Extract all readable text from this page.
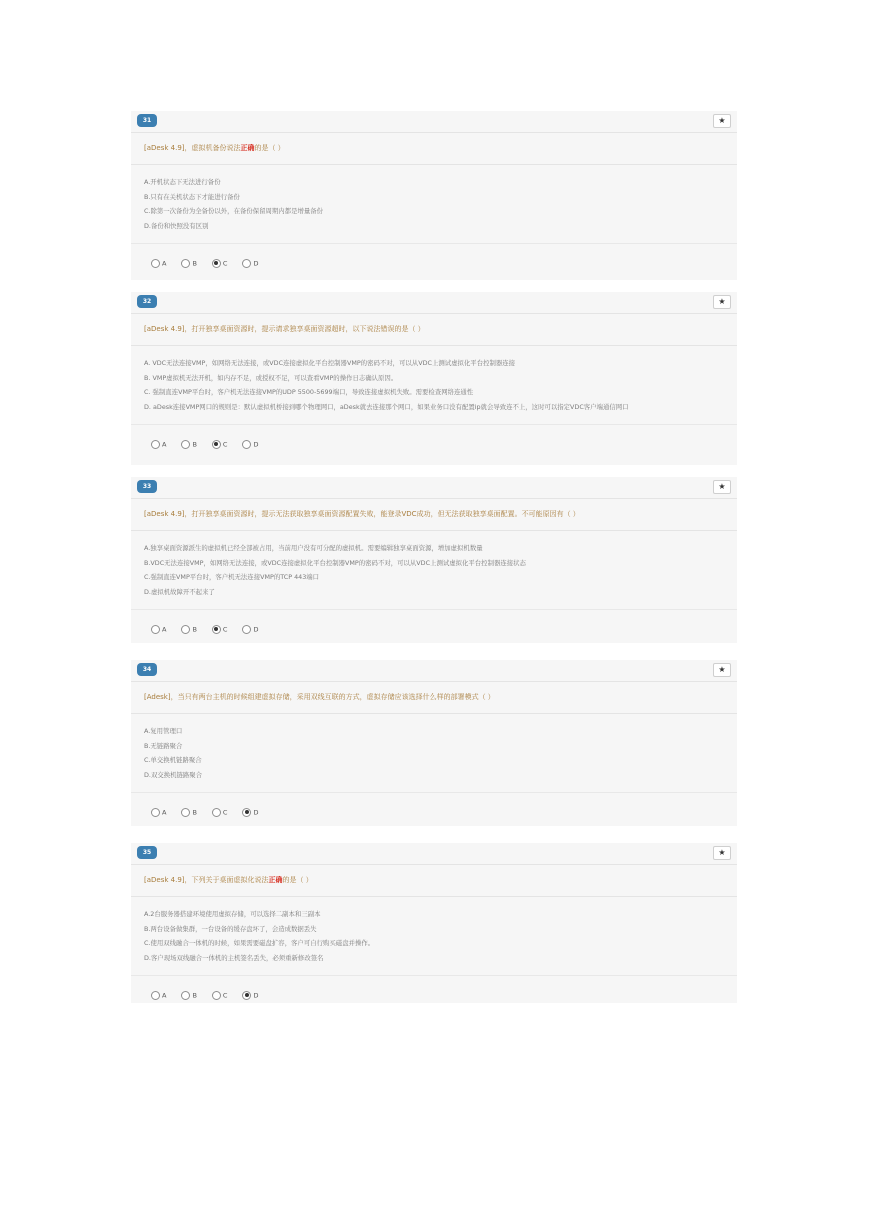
31	★
[aDesk 4.9]，虚拟机备份说法正确的是（ ）
A.开机状态下无法进行备份
B.只有在关机状态下才能进行备份
C.除第一次备份为全备份以外，在备份保留周期内都是增量备份
D.备份和快照没有区别
A	B	C	D
32	★
[aDesk 4.9]，打开独享桌面资源时，提示请求独享桌面资源超时，以下说法错误的是（ ）
A. VDC无法连接VMP，如网络无法连接，或VDC连接虚拟化平台控制器VMP的密码不对，可以从VDC上测试虚拟化平台控制器连接
B. VMP虚拟机无法开机，如内存不足，或授权不足，可以查看VMP的操作日志确认原因。
C. 强制直连VMP平台时，客户机无法连接VMP的UDP 5500-5699端口，导致连接虚拟机失败。需要检查网络连通性
D. aDesk连接VMP网口的规则是：默认虚拟机桥接到哪个物理网口，aDesk就去连接那个网口，如果业务口没有配置ip就会导致连不上，这时可以指定VDC客户端通信网口
A	B	C	D
33	★
[aDesk 4.9]，打开独享桌面资源时，提示无法获取独享桌面资源配置失败，能登录VDC成功，但无法获取独享桌面配置。不可能原因有（ ）
A.独享桌面资源派生的虚拟机已经全部被占用，当前用户没有可分配的虚拟机。需要编辑独享桌面资源，增加虚拟机数量
B.VDC无法连接VMP，如网络无法连接，或VDC连接虚拟化平台控制器VMP的密码不对，可以从VDC上测试虚拟化平台控制器连接状态
C.强制直连VMP平台时，客户机无法连接VMP的TCP 443端口
D.虚拟机故障开不起来了
A	B	C	D
34	★
[Adesk]，当只有两台主机的时候组建虚拟存储，采用双线互联的方式，虚拟存储应该选择什么样的部署模式（ ）
A.复用管理口
B.无链路聚合
C.单交换机链路聚合
D.双交换机链路聚合
A	B	C	D
35	★
[aDesk 4.9]，下列关于桌面虚拟化说法正确的是（ ）
A.2台服务器搭建环境使用虚拟存储，可以选择二副本和三副本
B.两台设备做集群，一台设备的缓存盘坏了，会造成数据丢失
C.使用双线融合一体机的时候，如果需要磁盘扩容，客户可自行购买磁盘并操作。
D.客户现场双线融合一体机的主机签名丢失，必须重新修改签名
A	B	C	D
